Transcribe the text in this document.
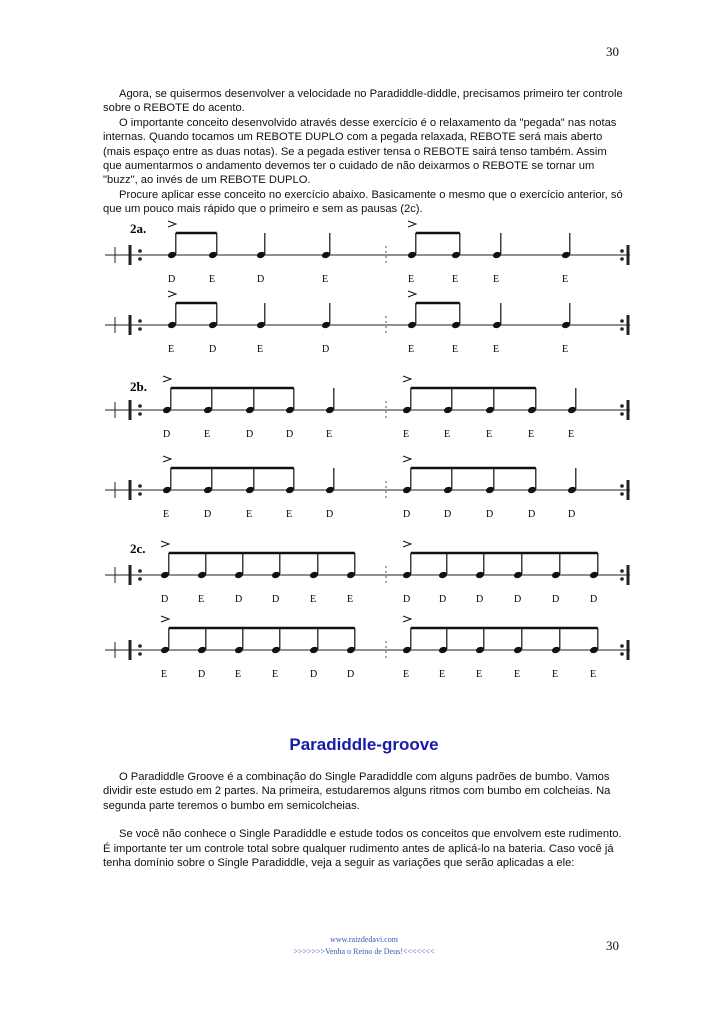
30

Agora, se quisermos desenvolver a velocidade no Paradiddle-diddle, precisamos primeiro ter controle sobre o REBOTE do acento.

O importante conceito desenvolvido através desse exercício é o relaxamento da "pegada" nas notas internas. Quando tocamos um REBOTE DUPLO com a pegada relaxada, REBOTE será mais aberto (mais espaço entre as duas notas). Se a pegada estiver tensa o REBOTE sairá tenso também. Assim que aumentarmos o andamento devemos ter o cuidado de não deixarmos o REBOTE se tornar um "buzz", ao invés de um REBOTE DUPLO.

Procure aplicar esse conceito no exercício abaixo. Basicamente o mesmo que o exercício anterior, só que um pouco mais rápido que o primeiro e sem as pausas (2c).

2a.
D	E	D	E	E	E	E	E
E	D	E	D	E	E	E	E
2b.
D	E	D	D	E	E	E	E	E	E
E	D	E	E	D	D	D	D	D	D
2c.
D	E	D	D	E	E	D	D	D	D	D	D
E	D	E	E	D	D	E	E	E	E	E	E
Paradiddle-groove

O Paradiddle Groove é a combinação do Single Paradiddle com alguns padrões de bumbo. Vamos dividir este estudo em 2 partes. Na primeira, estudaremos alguns ritmos com bumbo em colcheias. Na segunda parte teremos o bumbo em semicolcheias.

Se você não conhece o Single Paradiddle e estude todos os conceitos que envolvem este rudimento. É importante ter um controle total sobre qualquer rudimento antes de aplicá-lo na bateria. Caso você já tenha domínio sobre o Single Paradiddle, veja a seguir as variações que serão aplicadas a ele:

www.raizdedavi.com
>>>>>>>Venha o Reino de Deus!<<<<<<<	30
